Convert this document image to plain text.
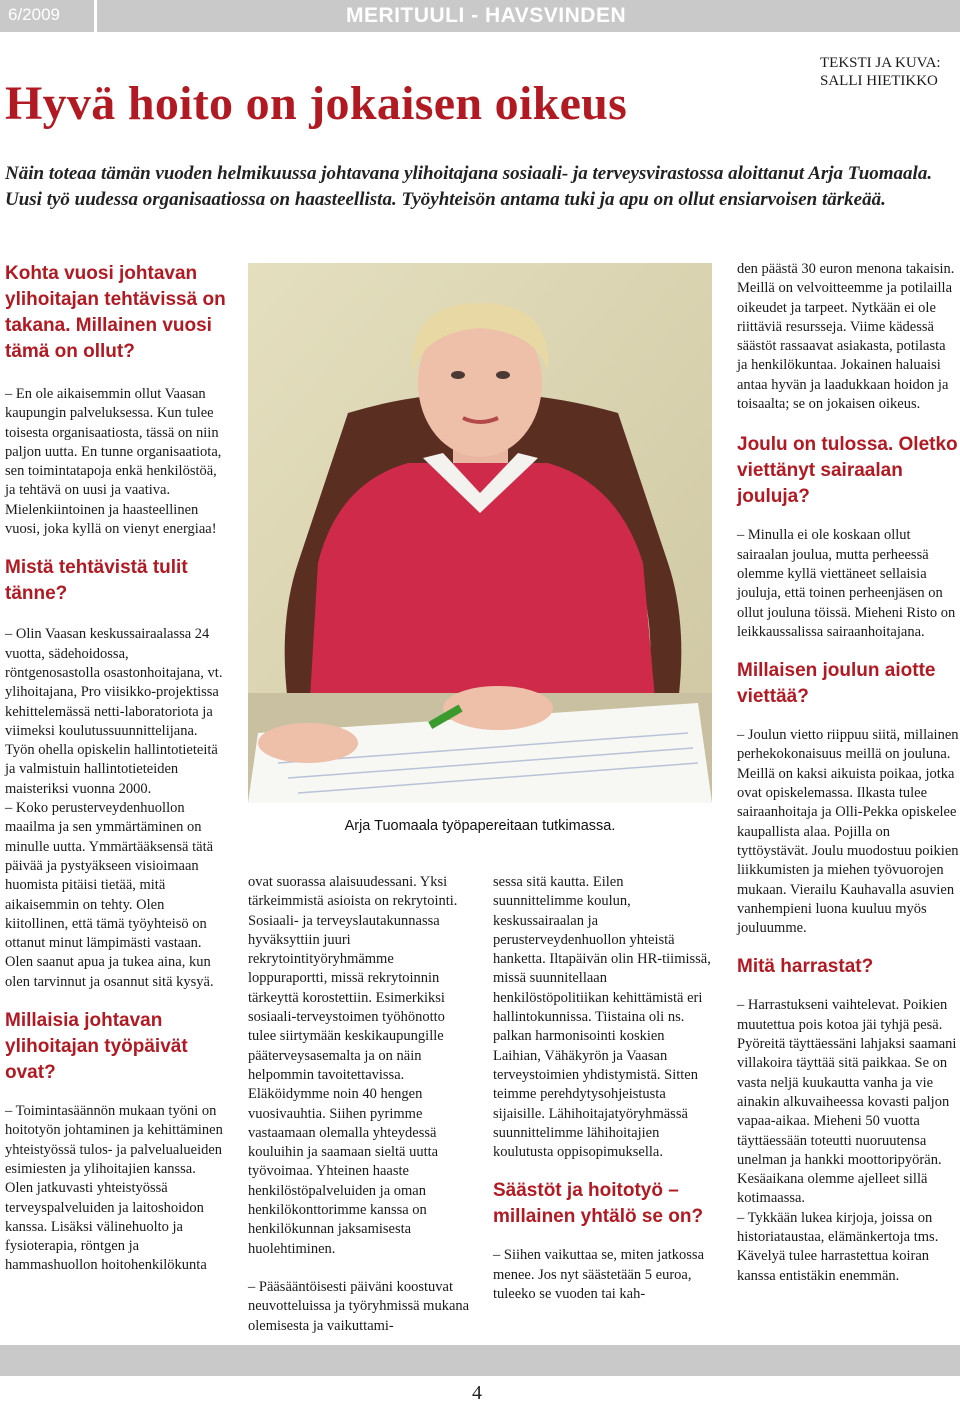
6/2009	MERITUULI - HAVSVINDEN
TEKSTI JA KUVA:
SALLI HIETIKKO
Hyvä hoito on jokaisen oikeus

Näin toteaa tämän vuoden helmikuussa johtavana ylihoitajana sosiaali- ja terveysvirastossa aloittanut Arja Tuomaala. Uusi työ uudessa organisaatiossa on haasteellista. Työyhteisön antama tuki ja apu on ollut ensiarvoisen tärkeää.

Kohta vuosi johtavan ylihoitajan tehtävissä on takana. Millainen vuosi tämä on ollut?

– En ole aikaisemmin ollut Vaasan kaupungin palveluksessa. Kun tulee toisesta organisaatiosta, tässä on niin paljon uutta. En tunne organisaatiota, sen toimintatapoja enkä henkilöstöä, ja tehtävä on uusi ja vaativa. Mielenkiintoinen ja haasteellinen vuosi, joka kyllä on vienyt energiaa!

Mistä tehtävistä tulit tänne?

– Olin Vaasan keskussairaalassa 24 vuotta, sädehoidossa, röntgenosastolla osastonhoitajana, vt. ylihoitajana, Pro viisikko-projektissa kehittelemässä netti-laboratoriota ja viimeksi koulutussuunnittelijana. Työn ohella opiskelin hallintotieteitä ja valmistuin hallintotieteiden maisteriksi vuonna 2000.

– Koko perusterveydenhuollon maailma ja sen ymmärtäminen on minulle uutta. Ymmärtääksensä tätä päivää ja pystyäkseen visioimaan huomista pitäisi tietää, mitä aikaisemmin on tehty. Olen kiitollinen, että tämä työyhteisö on ottanut minut lämpimästi vastaan. Olen saanut apua ja tukea aina, kun olen tarvinnut ja osannut sitä kysyä.

Millaisia johtavan ylihoitajan työpäivät ovat?

– Toimintasäännön mukaan työni on hoitotyön johtaminen ja kehittäminen yhteistyössä tulos- ja palvelualueiden esimiesten ja ylihoitajien kanssa. Olen jatkuvasti yhteistyössä terveyspalveluiden ja laitoshoidon kanssa. Lisäksi välinehuolto ja fysioterapia, röntgen ja hammashuollon hoitohenkilökunta

Arja Tuomaala työpapereitaan tutkimassa.

ovat suorassa alaisuudessani. Yksi tärkeimmistä asioista on rekrytointi. Sosiaali- ja terveyslautakunnassa hyväksyttiin juuri rekrytointityöryhmämme loppuraportti, missä rekrytoinnin tärkeyttä korostettiin. Esimerkiksi sosiaali-terveystoimen työhönotto tulee siirtymään keskikaupungille pääterveysasemalta ja on näin helpommin tavoitettavissa.

Eläköidymme noin 40 hengen vuosivauhtia. Siihen pyrimme vastaamaan olemalla yhteydessä kouluihin ja saamaan sieltä uutta työvoimaa. Yhteinen haaste henkilöstöpalveluiden ja oman henkilökonttorimme kanssa on henkilökunnan jaksamisesta huolehtiminen.

– Pääsääntöisesti päiväni koostuvat neuvotteluissa ja työryhmissä mukana olemisesta ja vaikuttami-

sessa sitä kautta. Eilen suunnittelimme koulun, keskussairaalan ja perusterveydenhuollon yhteistä hanketta. Iltapäivän olin HR-tiimissä, missä suunnitellaan henkilöstöpolitiikan kehittämistä eri hallintokunnissa. Tiistaina oli ns. palkan harmonisointi koskien Laihian, Vähäkyrön ja Vaasan terveystoimien yhdistymistä. Sitten teimme perehdytysohjeistusta sijaisille. Lähihoitajatyöryhmässä suunnittelimme lähihoitajien koulutusta oppisopimuksella.

Säästöt ja hoitotyö – millainen yhtälö se on?

– Siihen vaikuttaa se, miten jatkossa menee. Jos nyt säästetään 5 euroa, tuleeko se vuoden tai kah-

den päästä 30 euron menona takaisin. Meillä on velvoitteemme ja potilailla oikeudet ja tarpeet. Nytkään ei ole riittäviä resursseja. Viime kädessä säästöt rassaavat asiakasta, potilasta ja henkilökuntaa. Jokainen haluaisi antaa hyvän ja laadukkaan hoidon ja toisaalta; se on jokaisen oikeus.

Joulu on tulossa. Oletko viettänyt sairaalan jouluja?

– Minulla ei ole koskaan ollut sairaalan joulua, mutta perheessä olemme kyllä viettäneet sellaisia jouluja, että toinen perheenjäsen on ollut jouluna töissä. Mieheni Risto on leikkaussalissa sairaanhoitajana.

Millaisen joulun aiotte viettää?

– Joulun vietto riippuu siitä, millainen perhekokonaisuus meillä on jouluna. Meillä on kaksi aikuista poikaa, jotka ovat opiskelemassa. Ilkasta tulee sairaanhoitaja ja Olli-Pekka opiskelee kaupallista alaa. Pojilla on tyttöystävät. Joulu muodostuu poikien liikkumisten ja miehen työvuorojen mukaan. Vierailu Kauhavalla asuvien vanhempieni luona kuuluu myös jouluumme.

Mitä harrastat?

– Harrastukseni vaihtelevat. Poikien muutettua pois kotoa jäi tyhjä pesä. Pyöreitä täyttäessäni lahjaksi saamani villakoira täyttää sitä paikkaa. Se on vasta neljä kuukautta vanha ja vie ainakin alkuvaiheessa kovasti paljon vapaa-aikaa. Mieheni 50 vuotta täyttäessään toteutti nuoruutensa unelman ja hankki moottoripyörän. Kesäaikana olemme ajelleet sillä kotimaassa.

– Tykkään lukea kirjoja, joissa on historiataustaa, elämänkertoja tms. Kävelyä tulee harrastettua koiran kanssa entistäkin enemmän.

4
